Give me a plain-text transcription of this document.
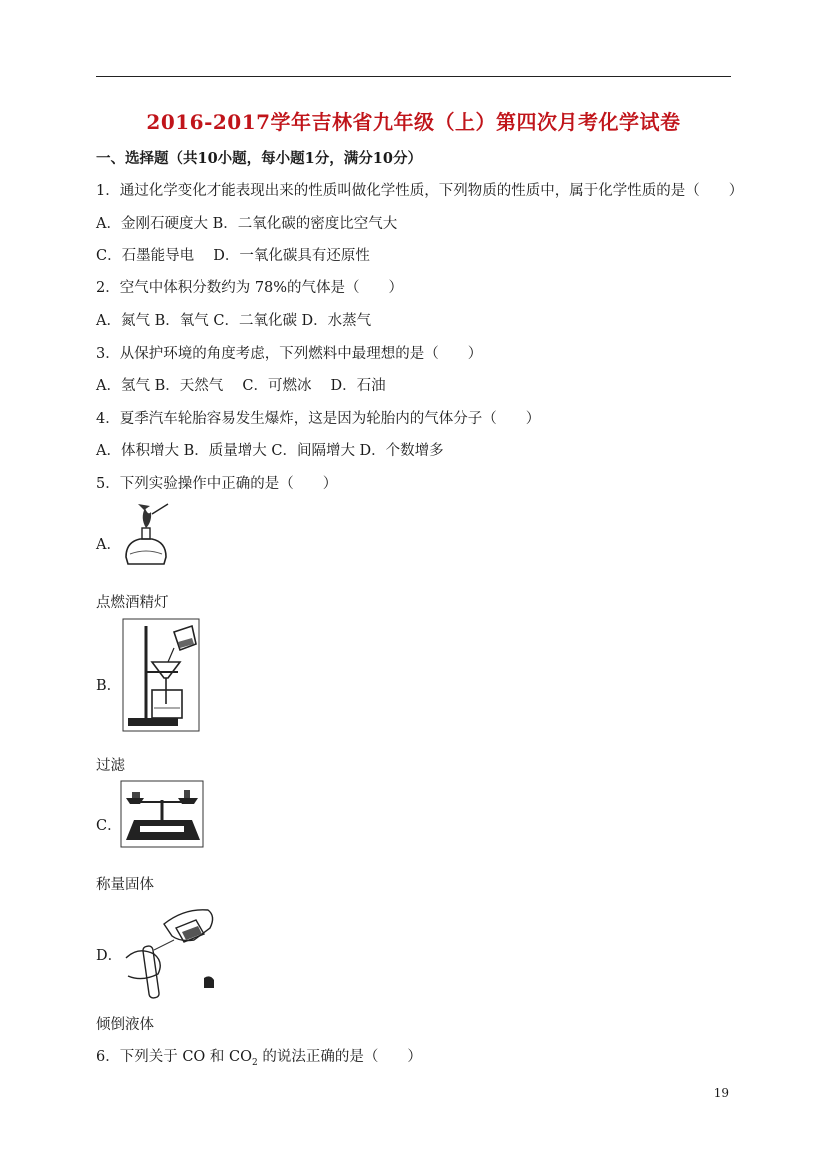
2016-2017学年吉林省九年级（上）第四次月考化学试卷
一、选择题（共10小题，每小题1分，满分10分）
1．通过化学变化才能表现出来的性质叫做化学性质，下列物质的性质中，属于化学性质的是（　　）
A．金刚石硬度大 B．二氧化碳的密度比空气大
C．石墨能导电　 D．一氧化碳具有还原性
2．空气中体积分数约为 78%的气体是（　　）
A．氮气 B．氧气 C．二氧化碳 D．水蒸气
3．从保护环境的角度考虑，下列燃料中最理想的是（　　）
A．氢气 B．天然气　 C．可燃冰　 D．石油
4．夏季汽车轮胎容易发生爆炸，这是因为轮胎内的气体分子（　　）
A．体积增大 B．质量增大 C．间隔增大 D．个数增多
5．下列实验操作中正确的是（　　）
A．
点燃酒精灯
B．
过滤
C．
称量固体
D．
倾倒液体
6．下列关于 CO 和 $CO_2$ 的说法正确的是（　　）
19
